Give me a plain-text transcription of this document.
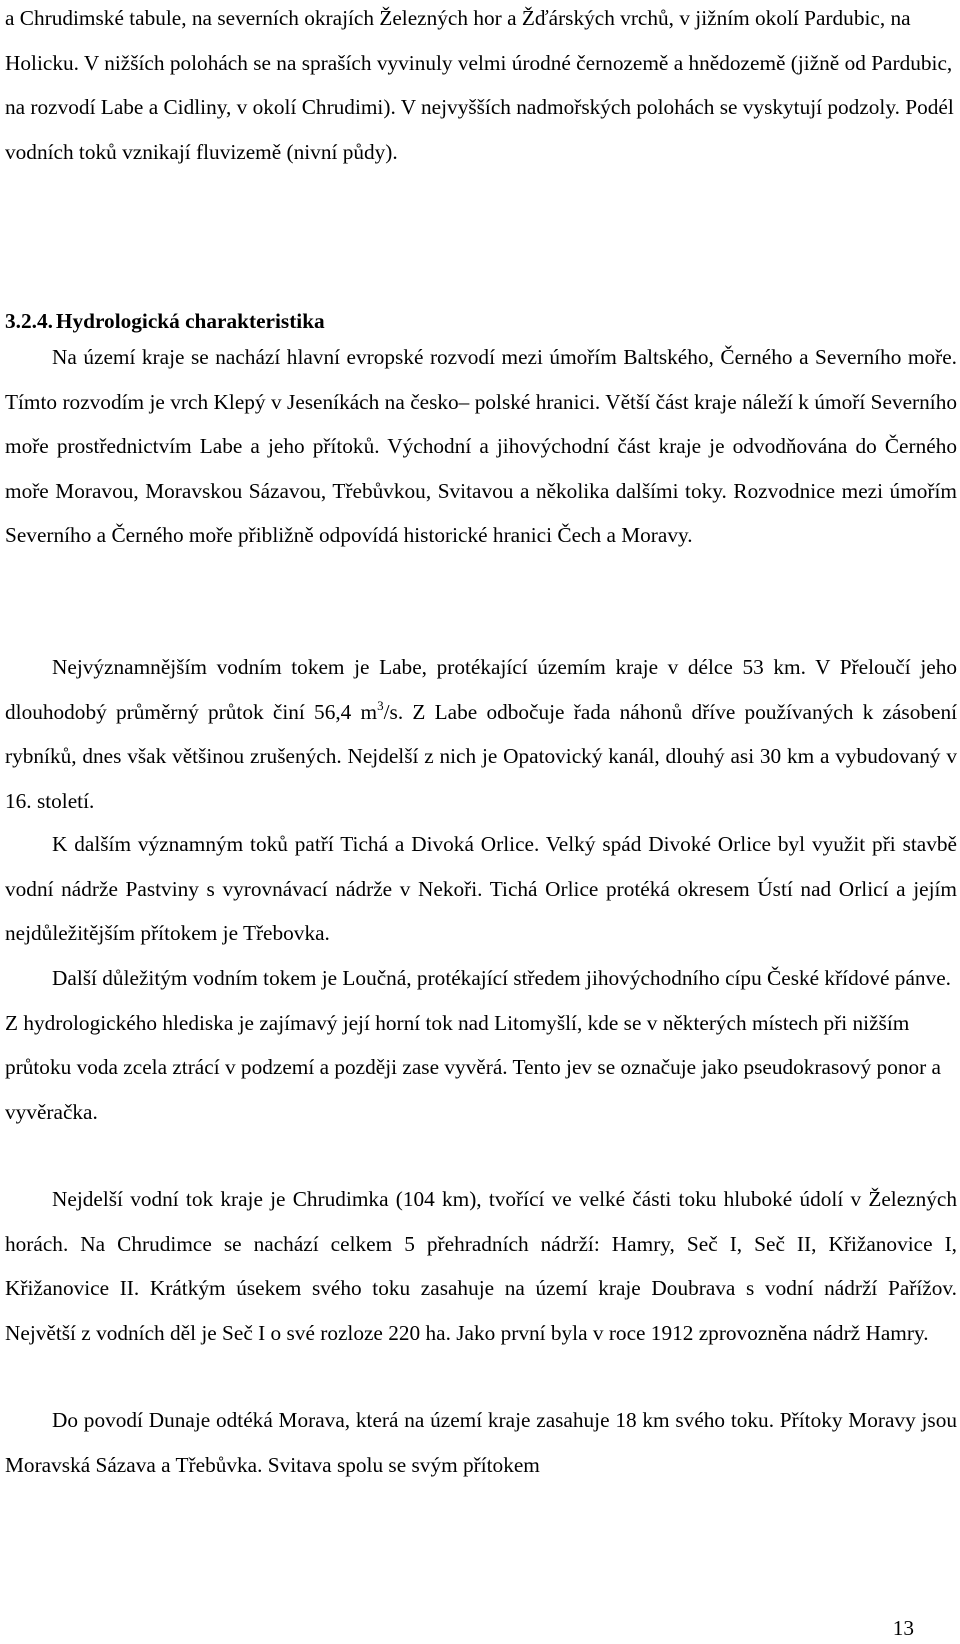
a Chrudimské tabule, na severních okrajích Železných hor a Žďárských vrchů, v jižním okolí Pardubic, na Holicku. V nižších polohách se na spraších vyvinuly velmi úrodné černozemě a hnědozemě (jižně od Pardubic, na rozvodí Labe a Cidliny, v okolí Chrudimi). V nejvyšších nadmořských polohách se vyskytují podzoly. Podél vodních toků vznikají fluvizemě (nivní půdy).

3.2.4. Hydrologická charakteristika

Na území kraje se nachází hlavní evropské rozvodí mezi úmořím Baltského, Černého a Severního moře. Tímto rozvodím je vrch Klepý v Jeseníkách na česko– polské hranici. Větší část kraje náleží k úmoří Severního moře prostřednictvím Labe a jeho přítoků. Východní a jihovýchodní část kraje je odvodňována do Černého moře Moravou, Moravskou Sázavou, Třebůvkou, Svitavou a několika dalšími toky. Rozvodnice mezi úmořím Severního a Černého moře přibližně odpovídá historické hranici Čech a Moravy.

Nejvýznamnějším vodním tokem je Labe, protékající územím kraje v délce 53 km. V Přeloučí jeho dlouhodobý průměrný průtok činí 56,4 $m^3/s$. Z Labe odbočuje řada náhonů dříve používaných k zásobení rybníků, dnes však většinou zrušených. Nejdelší z nich je Opatovický kanál, dlouhý asi 30 km a vybudovaný v 16. století.

K dalším významným toků patří Tichá a Divoká Orlice. Velký spád Divoké Orlice byl využit při stavbě vodní nádrže Pastviny s vyrovnávací nádrže v Nekoři. Tichá Orlice protéká okresem Ústí nad Orlicí a jejím nejdůležitějším přítokem je Třebovka.

Další důležitým vodním tokem je Loučná, protékající středem jihovýchodního cípu České křídové pánve. Z hydrologického hlediska je zajímavý její horní tok nad Litomyšlí, kde se v některých místech při nižším průtoku voda zcela ztrácí v podzemí a později zase vyvěrá. Tento jev se označuje jako pseudokrasový ponor a vyvěračka.

Nejdelší vodní tok kraje je Chrudimka (104 km), tvořící ve velké části toku hluboké údolí v Železných horách. Na Chrudimce se nachází celkem 5 přehradních nádrží: Hamry, Seč I, Seč II, Křižanovice I, Křižanovice II. Krátkým úsekem svého toku zasahuje na území kraje Doubrava s vodní nádrží Pařížov. Největší z vodních děl je Seč I o své rozloze 220 ha. Jako první byla v roce 1912 zprovozněna nádrž Hamry.

Do povodí Dunaje odtéká Morava, která na území kraje zasahuje 18 km svého toku. Přítoky Moravy jsou Moravská Sázava a Třebůvka. Svitava spolu se svým přítokem

13
